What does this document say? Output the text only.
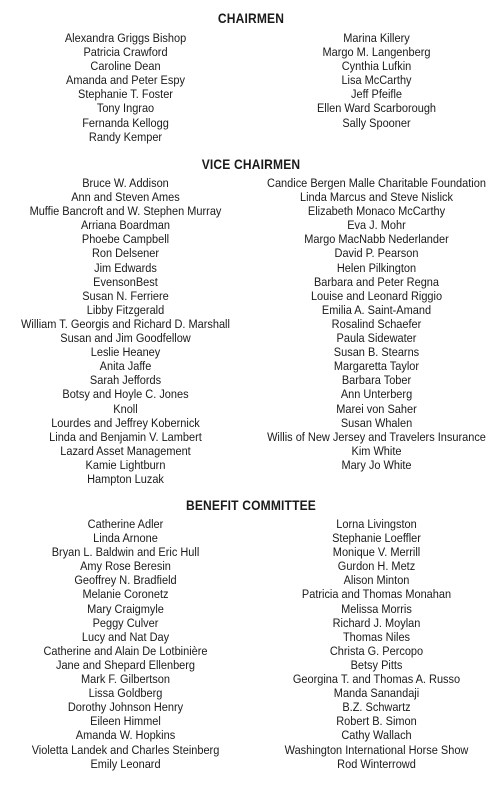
CHAIRMEN
Alexandra Griggs Bishop
Patricia Crawford
Caroline Dean
Amanda and Peter Espy
Stephanie T. Foster
Tony Ingrao
Fernanda Kellogg
Randy Kemper
Marina Killery
Margo M. Langenberg
Cynthia Lufkin
Lisa McCarthy
Jeff Pfeifle
Ellen Ward Scarborough
Sally Spooner
VICE CHAIRMEN
Bruce W. Addison
Ann and Steven Ames
Muffie Bancroft and W. Stephen Murray
Arriana Boardman
Phoebe Campbell
Ron Delsener
Jim Edwards
EvensonBest
Susan N. Ferriere
Libby Fitzgerald
William T. Georgis and Richard D. Marshall
Susan and Jim Goodfellow
Leslie Heaney
Anita Jaffe
Sarah Jeffords
Botsy and Hoyle C. Jones
Knoll
Lourdes and Jeffrey Kobernick
Linda and Benjamin V. Lambert
Lazard Asset Management
Kamie Lightburn
Hampton Luzak
Candice Bergen Malle Charitable Foundation
Linda Marcus and Steve Nislick
Elizabeth Monaco McCarthy
Eva J. Mohr
Margo MacNabb Nederlander
David P. Pearson
Helen Pilkington
Barbara and Peter Regna
Louise and Leonard Riggio
Emilia A. Saint-Amand
Rosalind Schaefer
Paula Sidewater
Susan B. Stearns
Margaretta Taylor
Barbara Tober
Ann Unterberg
Marei von Saher
Susan Whalen
Willis of New Jersey and Travelers Insurance
Kim White
Mary Jo White
BENEFIT COMMITTEE
Catherine Adler
Linda Arnone
Bryan L. Baldwin and Eric Hull
Amy Rose Beresin
Geoffrey N. Bradfield
Melanie Coronetz
Mary Craigmyle
Peggy Culver
Lucy and Nat Day
Catherine and Alain De Lotbinière
Jane and Shepard Ellenberg
Mark F. Gilbertson
Lissa Goldberg
Dorothy Johnson Henry
Eileen Himmel
Amanda W. Hopkins
Violetta Landek and Charles Steinberg
Emily Leonard
Lorna Livingston
Stephanie Loeffler
Monique V. Merrill
Gurdon H. Metz
Alison Minton
Patricia and Thomas Monahan
Melissa Morris
Richard J. Moylan
Thomas Niles
Christa G. Percopo
Betsy Pitts
Georgina T. and Thomas A. Russo
Manda Sanandaji
B.Z. Schwartz
Robert B. Simon
Cathy Wallach
Washington International Horse Show
Rod Winterrowd
